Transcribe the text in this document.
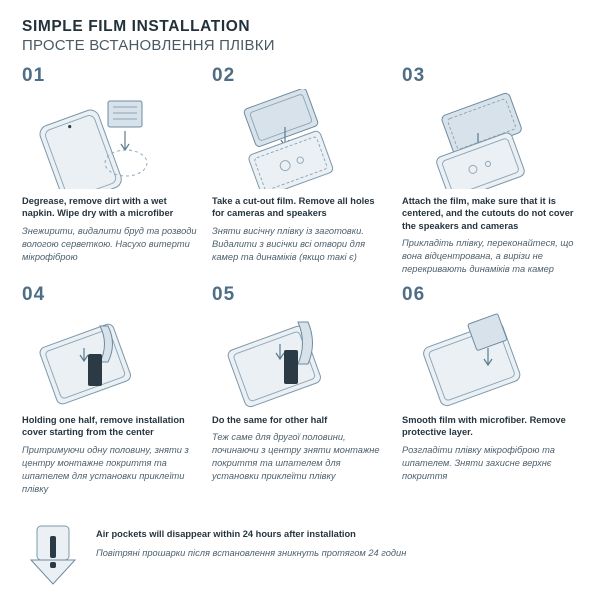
SIMPLE FILM INSTALLATION
ПРОСТЕ ВСТАНОВЛЕННЯ ПЛІВКИ
01
Degrease, remove dirt with a wet napkin. Wipe dry with a microfiber
Знежирити, видалити бруд та розводи вологою серветкою. Насухо витерти мікрофіброю
02
Take a cut-out film. Remove all holes for cameras and speakers
Зняти висічну плівку із заготовки. Видалити з висічки всі отвори для камер та динаміків (якщо такі є)
03
Attach the film, make sure that it is centered, and the cutouts do not cover the speakers and cameras
Прикладіть плівку, переконайтеся, що вона відцентрована, а вирізи не перекривають динаміків та камер
04
Holding one half, remove installation cover starting from the center
Притримуючи одну половину, зняти з центру монтажне покриття та шпателем для установки приклеїти плівку
05
Do the same for other half
Теж саме для другої половини, починаючи з центру зняти монтажне покриття та шпателем для установки приклеїти плівку
06
Smooth film with microfiber. Remove protective layer.
Розгладіти плівку мікрофіброю та шпателем. Зняти захисне верхнє покриття
Air pockets will disappear within 24 hours after installation
Повітряні прошарки після встановлення зникнуть протягом 24 годин
